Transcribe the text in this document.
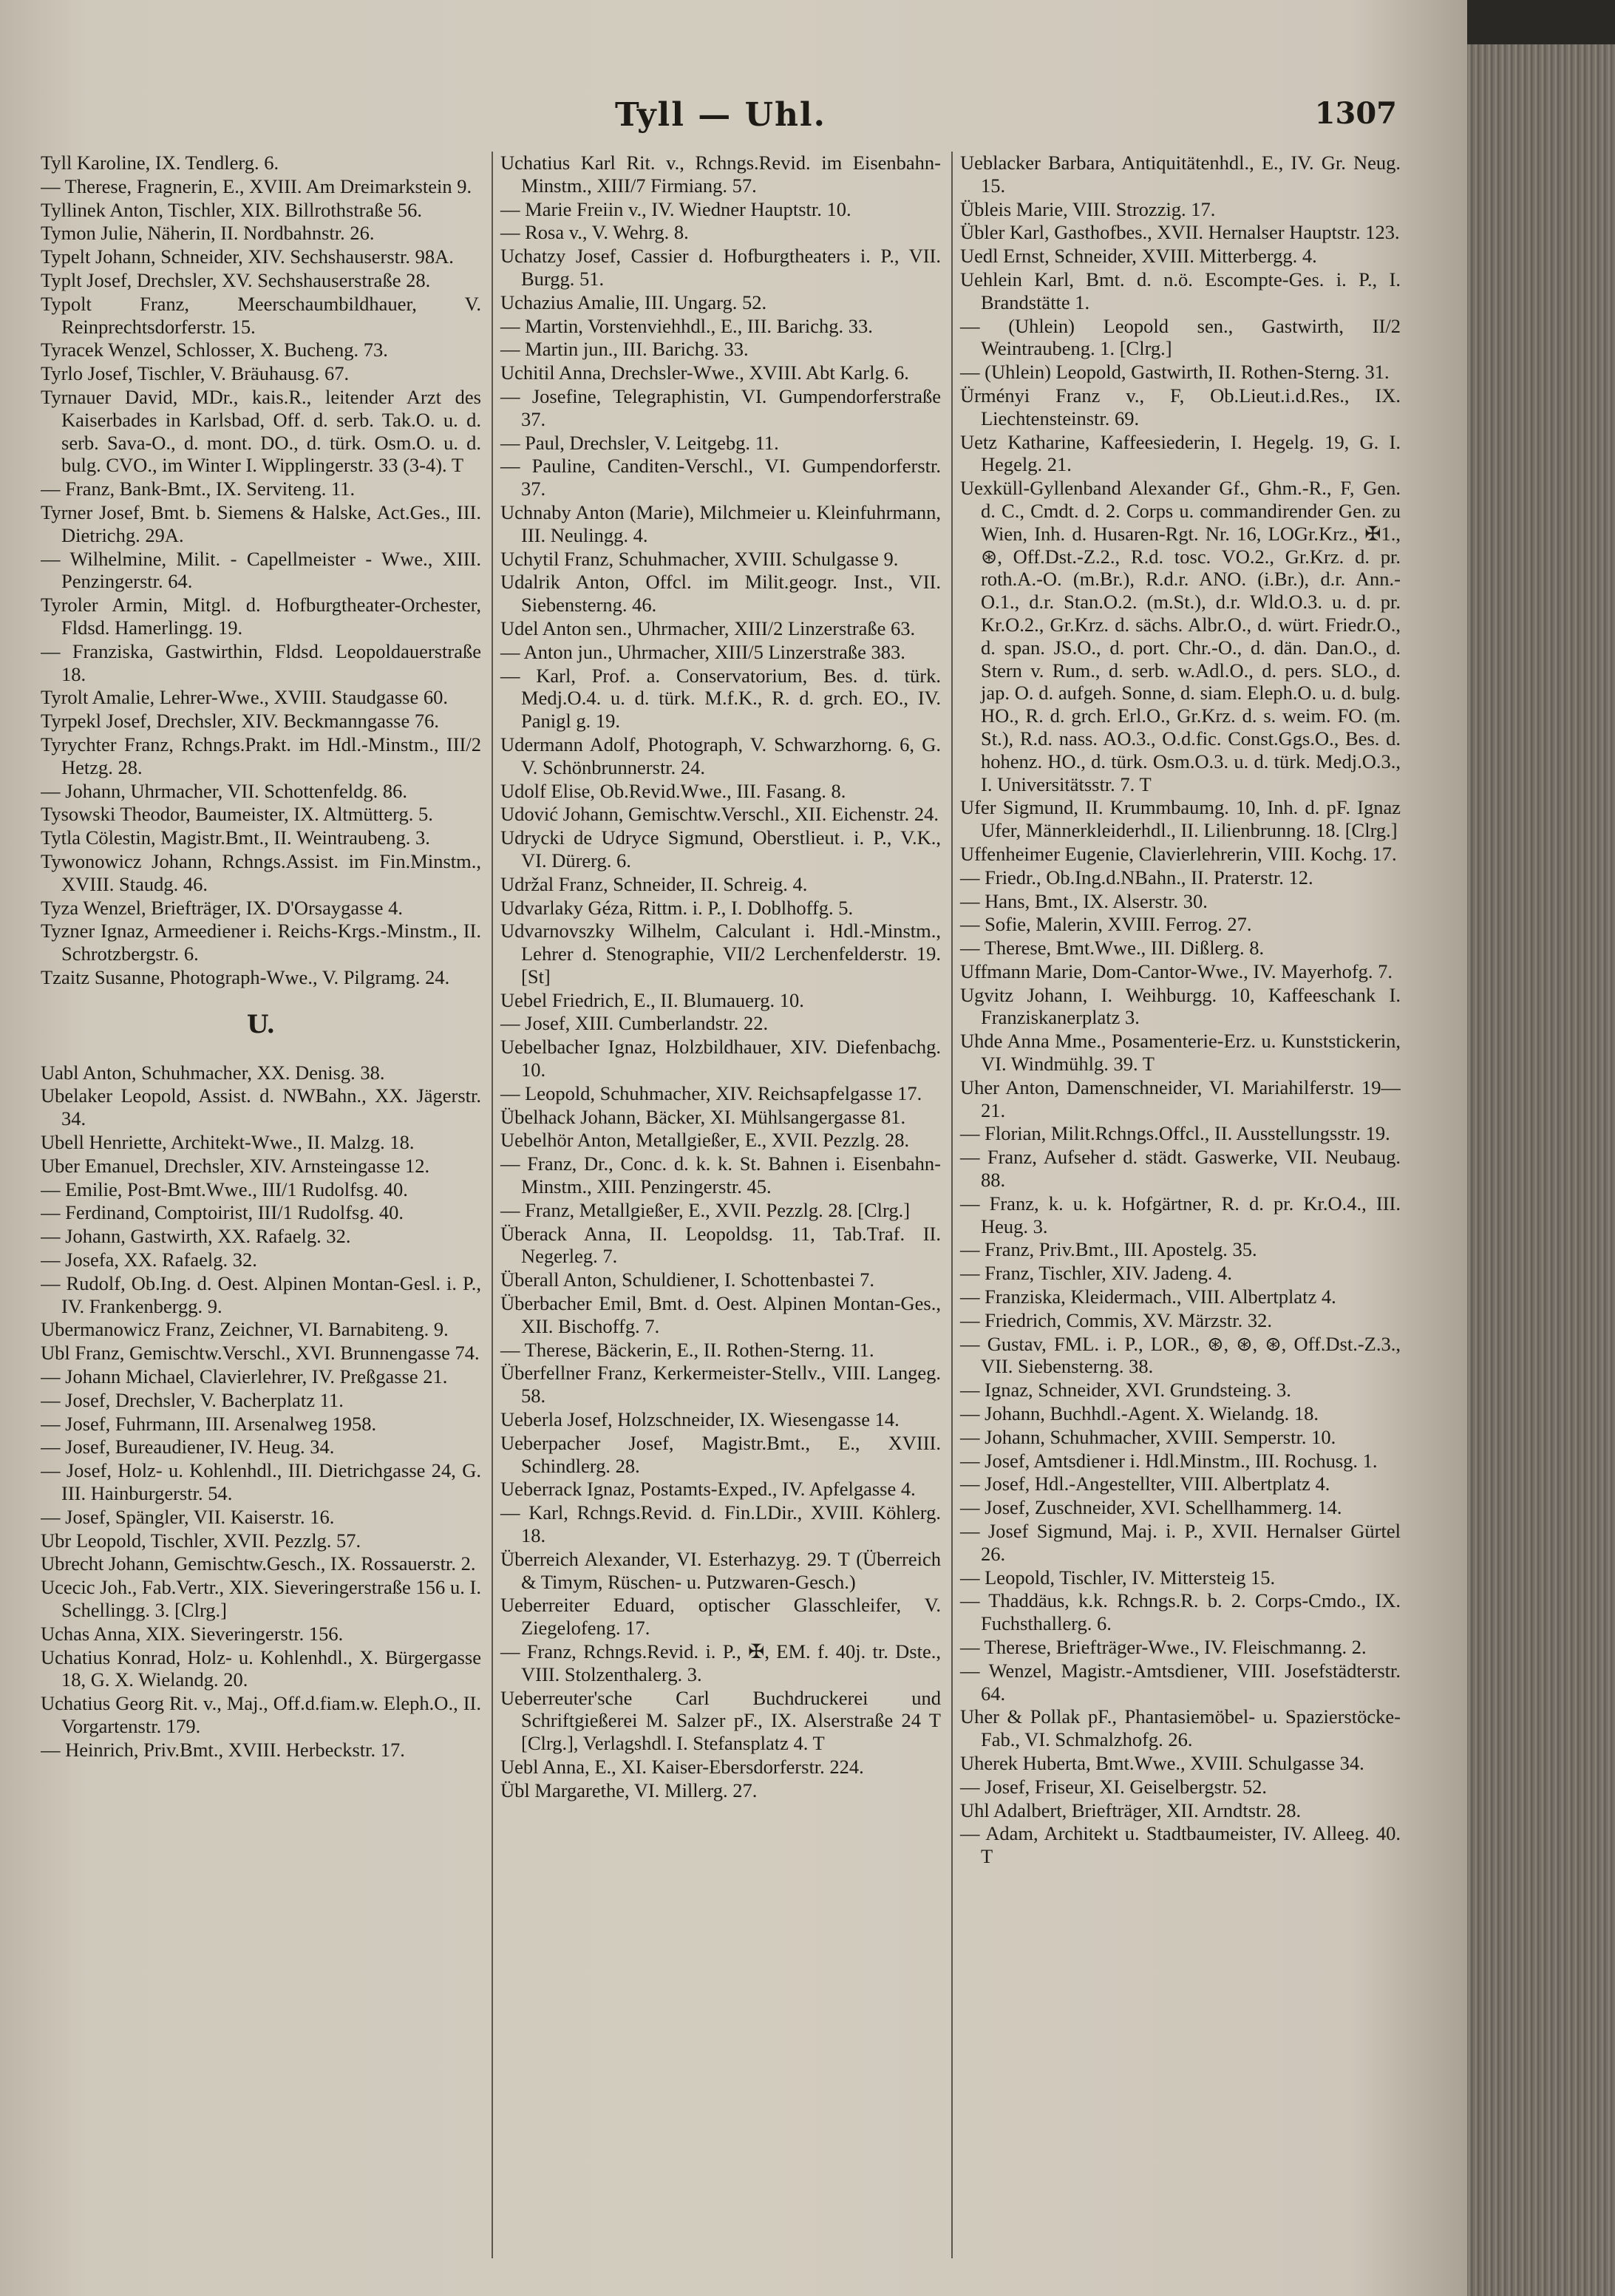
Tyll — Uhl.	1307

Tyll Karoline, IX. Tendlerg. 6.

— Therese, Fragnerin, E., XVIII. Am Dreimarkstein 9.

Tyllinek Anton, Tischler, XIX. Billrothstraße 56.

Tymon Julie, Näherin, II. Nordbahnstr. 26.

Typelt Johann, Schneider, XIV. Sechshauserstr. 98A.

Typlt Josef, Drechsler, XV. Sechshauserstraße 28.

Typolt Franz, Meerschaumbildhauer, V. Reinprechtsdorferstr. 15.

Tyracek Wenzel, Schlosser, X. Bucheng. 73.

Tyrlo Josef, Tischler, V. Bräuhausg. 67.

Tyrnauer David, MDr., kais.R., leitender Arzt des Kaiserbades in Karlsbad, Off. d. serb. Tak.O. u. d. serb. Sava-O., d. mont. DO., d. türk. Osm.O. u. d. bulg. CVO., im Winter I. Wipplingerstr. 33 (3-4). T

— Franz, Bank-Bmt., IX. Serviteng. 11.

Tyrner Josef, Bmt. b. Siemens & Halske, Act.Ges., III. Dietrichg. 29A.

— Wilhelmine, Milit. - Capellmeister - Wwe., XIII. Penzingerstr. 64.

Tyroler Armin, Mitgl. d. Hofburgtheater-Orchester, Fldsd. Hamerlingg. 19.

— Franziska, Gastwirthin, Fldsd. Leopoldauerstraße 18.

Tyrolt Amalie, Lehrer-Wwe., XVIII. Staudgasse 60.

Tyrpekl Josef, Drechsler, XIV. Beckmanngasse 76.

Tyrychter Franz, Rchngs.Prakt. im Hdl.-Minstm., III/2 Hetzg. 28.

— Johann, Uhrmacher, VII. Schottenfeldg. 86.

Tysowski Theodor, Baumeister, IX. Altmütterg. 5.

Tytla Cölestin, Magistr.Bmt., II. Weintraubeng. 3.

Tywonowicz Johann, Rchngs.Assist. im Fin.Minstm., XVIII. Staudg. 46.

Tyza Wenzel, Briefträger, IX. D'Orsaygasse 4.

Tyzner Ignaz, Armeediener i. Reichs-Krgs.-Minstm., II. Schrotzbergstr. 6.

Tzaitz Susanne, Photograph-Wwe., V. Pilgramg. 24.

U.

Uabl Anton, Schuhmacher, XX. Denisg. 38.

Ubelaker Leopold, Assist. d. NWBahn., XX. Jägerstr. 34.

Ubell Henriette, Architekt-Wwe., II. Malzg. 18.

Uber Emanuel, Drechsler, XIV. Arnsteingasse 12.

— Emilie, Post-Bmt.Wwe., III/1 Rudolfsg. 40.

— Ferdinand, Comptoirist, III/1 Rudolfsg. 40.

— Johann, Gastwirth, XX. Rafaelg. 32.

— Josefa, XX. Rafaelg. 32.

— Rudolf, Ob.Ing. d. Oest. Alpinen Montan-Gesl. i. P., IV. Frankenbergg. 9.

Ubermanowicz Franz, Zeichner, VI. Barnabiteng. 9.

Ubl Franz, Gemischtw.Verschl., XVI. Brunnengasse 74.

— Johann Michael, Clavierlehrer, IV. Preßgasse 21.

— Josef, Drechsler, V. Bacherplatz 11.

— Josef, Fuhrmann, III. Arsenalweg 1958.

— Josef, Bureaudiener, IV. Heug. 34.

— Josef, Holz- u. Kohlenhdl., III. Dietrichgasse 24, G. III. Hainburgerstr. 54.

— Josef, Spängler, VII. Kaiserstr. 16.

Ubr Leopold, Tischler, XVII. Pezzlg. 57.

Ubrecht Johann, Gemischtw.Gesch., IX. Rossauerstr. 2.

Ucecic Joh., Fab.Vertr., XIX. Sieveringerstraße 156 u. I. Schellingg. 3. [Clrg.]

Uchas Anna, XIX. Sieveringerstr. 156.

Uchatius Konrad, Holz- u. Kohlenhdl., X. Bürgergasse 18, G. X. Wielandg. 20.

Uchatius Georg Rit. v., Maj., Off.d.fiam.w. Eleph.O., II. Vorgartenstr. 179.

— Heinrich, Priv.Bmt., XVIII. Herbeckstr. 17.

Uchatius Karl Rit. v., Rchngs.Revid. im Eisenbahn-Minstm., XIII/7 Firmiang. 57.

— Marie Freiin v., IV. Wiedner Hauptstr. 10.

— Rosa v., V. Wehrg. 8.

Uchatzy Josef, Cassier d. Hofburgtheaters i. P., VII. Burgg. 51.

Uchazius Amalie, III. Ungarg. 52.

— Martin, Vorstenviehhdl., E., III. Barichg. 33.

— Martin jun., III. Barichg. 33.

Uchitil Anna, Drechsler-Wwe., XVIII. Abt Karlg. 6.

— Josefine, Telegraphistin, VI. Gumpendorferstraße 37.

— Paul, Drechsler, V. Leitgebg. 11.

— Pauline, Canditen-Verschl., VI. Gumpendorferstr. 37.

Uchnaby Anton (Marie), Milchmeier u. Kleinfuhrmann, III. Neulingg. 4.

Uchytil Franz, Schuhmacher, XVIII. Schulgasse 9.

Udalrik Anton, Offcl. im Milit.geogr. Inst., VII. Siebensterng. 46.

Udel Anton sen., Uhrmacher, XIII/2 Linzerstraße 63.

— Anton jun., Uhrmacher, XIII/5 Linzerstraße 383.

— Karl, Prof. a. Conservatorium, Bes. d. türk. Medj.O.4. u. d. türk. M.f.K., R. d. grch. EO., IV. Panigl g. 19.

Udermann Adolf, Photograph, V. Schwarzhorng. 6, G. V. Schönbrunnerstr. 24.

Udolf Elise, Ob.Revid.Wwe., III. Fasang. 8.

Udović Johann, Gemischtw.Verschl., XII. Eichenstr. 24.

Udrycki de Udryce Sigmund, Oberstlieut. i. P., V.K., VI. Dürerg. 6.

Udržal Franz, Schneider, II. Schreig. 4.

Udvarlaky Géza, Rittm. i. P., I. Doblhoffg. 5.

Udvarnovszky Wilhelm, Calculant i. Hdl.-Minstm., Lehrer d. Stenographie, VII/2 Lerchenfelderstr. 19. [St]

Uebel Friedrich, E., II. Blumauerg. 10.

— Josef, XIII. Cumberlandstr. 22.

Uebelbacher Ignaz, Holzbildhauer, XIV. Diefenbachg. 10.

— Leopold, Schuhmacher, XIV. Reichsapfelgasse 17.

Übelhack Johann, Bäcker, XI. Mühlsangergasse 81.

Uebelhör Anton, Metallgießer, E., XVII. Pezzlg. 28.

— Franz, Dr., Conc. d. k. k. St. Bahnen i. Eisenbahn-Minstm., XIII. Penzingerstr. 45.

— Franz, Metallgießer, E., XVII. Pezzlg. 28. [Clrg.]

Überack Anna, II. Leopoldsg. 11, Tab.Traf. II. Negerleg. 7.

Überall Anton, Schuldiener, I. Schottenbastei 7.

Überbacher Emil, Bmt. d. Oest. Alpinen Montan-Ges., XII. Bischoffg. 7.

— Therese, Bäckerin, E., II. Rothen-Sterng. 11.

Überfellner Franz, Kerkermeister-Stellv., VIII. Langeg. 58.

Ueberla Josef, Holzschneider, IX. Wiesengasse 14.

Ueberpacher Josef, Magistr.Bmt., E., XVIII. Schindlerg. 28.

Ueberrack Ignaz, Postamts-Exped., IV. Apfelgasse 4.

— Karl, Rchngs.Revid. d. Fin.LDir., XVIII. Köhlerg. 18.

Überreich Alexander, VI. Esterhazyg. 29. T (Überreich & Timym, Rüschen- u. Putzwaren-Gesch.)

Ueberreiter Eduard, optischer Glasschleifer, V. Ziegelofeng. 17.

— Franz, Rchngs.Revid. i. P., ✠, EM. f. 40j. tr. Dste., VIII. Stolzenthalerg. 3.

Ueberreuter'sche Carl Buchdruckerei und Schriftgießerei M. Salzer pF., IX. Alserstraße 24 T [Clrg.], Verlagshdl. I. Stefansplatz 4. T

Uebl Anna, E., XI. Kaiser-Ebersdorferstr. 224.

Übl Margarethe, VI. Millerg. 27.

Ueblacker Barbara, Antiquitätenhdl., E., IV. Gr. Neug. 15.

Übleis Marie, VIII. Strozzig. 17.

Übler Karl, Gasthofbes., XVII. Hernalser Hauptstr. 123.

Uedl Ernst, Schneider, XVIII. Mitterbergg. 4.

Uehlein Karl, Bmt. d. n.ö. Escompte-Ges. i. P., I. Brandstätte 1.

— (Uhlein) Leopold sen., Gastwirth, II/2 Weintraubeng. 1. [Clrg.]

— (Uhlein) Leopold, Gastwirth, II. Rothen-Sterng. 31.

Ürményi Franz v., F, Ob.Lieut.i.d.Res., IX. Liechtensteinstr. 69.

Uetz Katharine, Kaffeesiederin, I. Hegelg. 19, G. I. Hegelg. 21.

Uexküll-Gyllenband Alexander Gf., Ghm.-R., F, Gen. d. C., Cmdt. d. 2. Corps u. commandirender Gen. zu Wien, Inh. d. Husaren-Rgt. Nr. 16, LOGr.Krz., ✠1., ⊛, Off.Dst.-Z.2., R.d. tosc. VO.2., Gr.Krz. d. pr. roth.A.-O. (m.Br.), R.d.r. ANO. (i.Br.), d.r. Ann.-O.1., d.r. Stan.O.2. (m.St.), d.r. Wld.O.3. u. d. pr. Kr.O.2., Gr.Krz. d. sächs. Albr.O., d. würt. Friedr.O., d. span. JS.O., d. port. Chr.-O., d. dän. Dan.O., d. Stern v. Rum., d. serb. w.Adl.O., d. pers. SLO., d. jap. O. d. aufgeh. Sonne, d. siam. Eleph.O. u. d. bulg. HO., R. d. grch. Erl.O., Gr.Krz. d. s. weim. FO. (m. St.), R.d. nass. AO.3., O.d.fic. Const.Ggs.O., Bes. d. hohenz. HO., d. türk. Osm.O.3. u. d. türk. Medj.O.3., I. Universitätsstr. 7. T

Ufer Sigmund, II. Krummbaumg. 10, Inh. d. pF. Ignaz Ufer, Männerkleiderhdl., II. Lilienbrunng. 18. [Clrg.]

Uffenheimer Eugenie, Clavierlehrerin, VIII. Kochg. 17.

— Friedr., Ob.Ing.d.NBahn., II. Praterstr. 12.

— Hans, Bmt., IX. Alserstr. 30.

— Sofie, Malerin, XVIII. Ferrog. 27.

— Therese, Bmt.Wwe., III. Dißlerg. 8.

Uffmann Marie, Dom-Cantor-Wwe., IV. Mayerhofg. 7.

Ugvitz Johann, I. Weihburgg. 10, Kaffeeschank I. Franziskanerplatz 3.

Uhde Anna Mme., Posamenterie-Erz. u. Kunststickerin, VI. Windmühlg. 39. T

Uher Anton, Damenschneider, VI. Mariahilferstr. 19—21.

— Florian, Milit.Rchngs.Offcl., II. Ausstellungsstr. 19.

— Franz, Aufseher d. städt. Gaswerke, VII. Neubaug. 88.

— Franz, k. u. k. Hofgärtner, R. d. pr. Kr.O.4., III. Heug. 3.

— Franz, Priv.Bmt., III. Apostelg. 35.

— Franz, Tischler, XIV. Jadeng. 4.

— Franziska, Kleidermach., VIII. Albertplatz 4.

— Friedrich, Commis, XV. Märzstr. 32.

— Gustav, FML. i. P., LOR., ⊛, ⊛, ⊛, Off.Dst.-Z.3., VII. Siebensterng. 38.

— Ignaz, Schneider, XVI. Grundsteing. 3.

— Johann, Buchhdl.-Agent. X. Wielandg. 18.

— Johann, Schuhmacher, XVIII. Semperstr. 10.

— Josef, Amtsdiener i. Hdl.Minstm., III. Rochusg. 1.

— Josef, Hdl.-Angestellter, VIII. Albertplatz 4.

— Josef, Zuschneider, XVI. Schellhammerg. 14.

— Josef Sigmund, Maj. i. P., XVII. Hernalser Gürtel 26.

— Leopold, Tischler, IV. Mittersteig 15.

— Thaddäus, k.k. Rchngs.R. b. 2. Corps-Cmdo., IX. Fuchsthallerg. 6.

— Therese, Briefträger-Wwe., IV. Fleischmanng. 2.

— Wenzel, Magistr.-Amtsdiener, VIII. Josefstädterstr. 64.

Uher & Pollak pF., Phantasiemöbel- u. Spazierstöcke-Fab., VI. Schmalzhofg. 26.

Uherek Huberta, Bmt.Wwe., XVIII. Schulgasse 34.

— Josef, Friseur, XI. Geiselbergstr. 52.

Uhl Adalbert, Briefträger, XII. Arndtstr. 28.

— Adam, Architekt u. Stadtbaumeister, IV. Alleeg. 40. T
